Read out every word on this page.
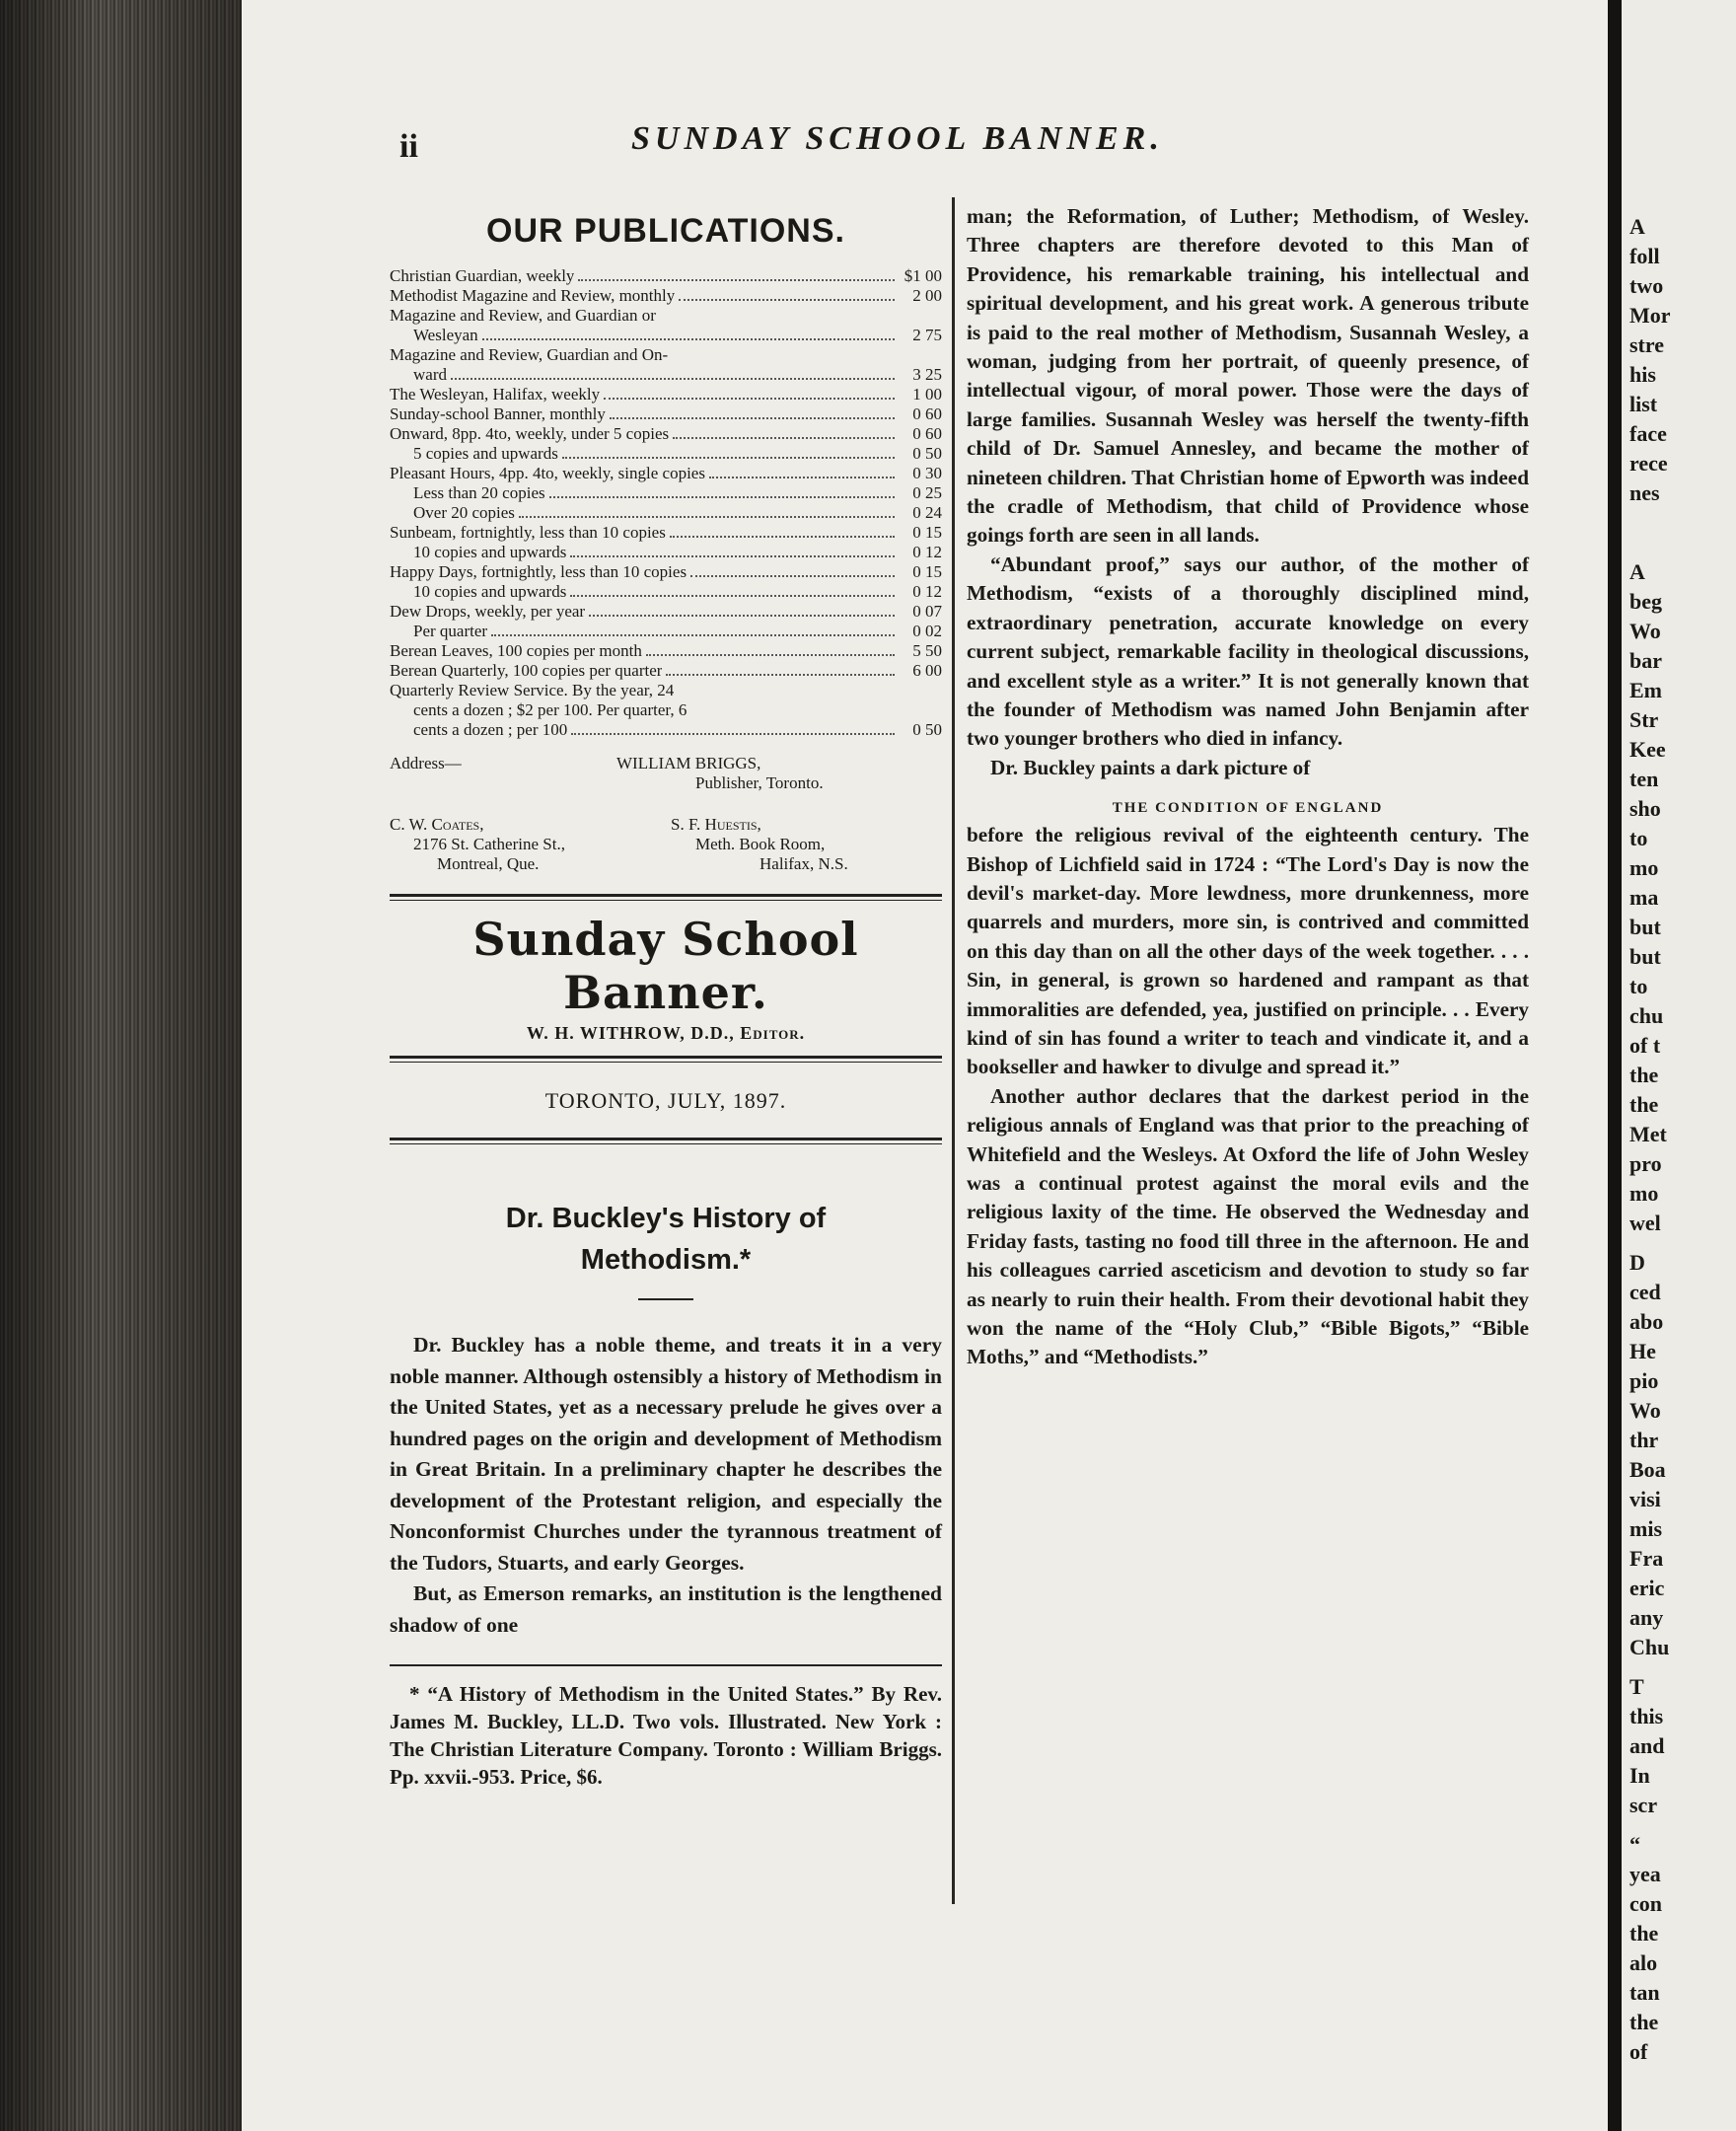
A
foll
two
Mor
stre
his
list
face
rece
nes
A
beg
Wo
bar
Em
Str
Kee
ten
sho
to
mo
ma
but
but
to
chu
of t
the
the
Met
pro
mo
wel
D
ced
abo
He
pio
Wo
thr
Boa
visi
mis
Fra
eric
any
Chu
T
this
and
In
scr
“
yea
con
the
alo
tan
the
of
ii	SUNDAY SCHOOL BANNER.
OUR PUBLICATIONS.
Christian Guardian, weekly	$1 00
Methodist Magazine and Review, monthly	2 00
Magazine and Review, and Guardian or
Wesleyan	2 75
Magazine and Review, Guardian and On-
ward	3 25
The Wesleyan, Halifax, weekly	1 00
Sunday-school Banner, monthly	0 60
Onward, 8pp. 4to, weekly, under 5 copies	0 60
5 copies and upwards	0 50
Pleasant Hours, 4pp. 4to, weekly, single copies	0 30
Less than 20 copies	0 25
Over 20 copies	0 24
Sunbeam, fortnightly, less than 10 copies	0 15
10 copies and upwards	0 12
Happy Days, fortnightly, less than 10 copies	0 15
10 copies and upwards	0 12
Dew Drops, weekly, per year	0 07
Per quarter	0 02
Berean Leaves, 100 copies per month	5 50
Berean Quarterly, 100 copies per quarter	6 00
Quarterly Review Service. By the year, 24
cents a dozen ; $2 per 100. Per quarter, 6
cents a dozen ; per 100	0 50
Address—	WILLIAM BRIGGS,
Publisher, Toronto.
C. W. Coates,
2176 St. Catherine St.,
Montreal, Que.
S. F. Huestis,
Meth. Book Room,
Halifax, N.S.
Sunday School Banner.
W. H. WITHROW, D.D., Editor.
TORONTO, JULY, 1897.
Dr. Buckley's History of
Methodism.*

Dr. Buckley has a noble theme, and treats it in a very noble manner. Although ostensibly a history of Methodism in the United States, yet as a necessary prelude he gives over a hundred pages on the origin and development of Methodism in Great Britain. In a preliminary chapter he describes the development of the Protestant religion, and especially the Nonconformist Churches under the tyrannous treatment of the Tudors, Stuarts, and early Georges.

But, as Emerson remarks, an institution is the lengthened shadow of one

* “A History of Methodism in the United States.” By Rev. James M. Buckley, LL.D. Two vols. Illustrated. New York : The Christian Literature Company. Toronto : William Briggs. Pp. xxvii.-953. Price, $6.

man; the Reformation, of Luther; Methodism, of Wesley. Three chapters are therefore devoted to this Man of Providence, his remarkable training, his intellectual and spiritual development, and his great work. A generous tribute is paid to the real mother of Methodism, Susannah Wesley, a woman, judging from her portrait, of queenly presence, of intellectual vigour, of moral power. Those were the days of large families. Susannah Wesley was herself the twenty-fifth child of Dr. Samuel Annesley, and became the mother of nineteen children. That Christian home of Epworth was indeed the cradle of Methodism, that child of Providence whose goings forth are seen in all lands.

“Abundant proof,” says our author, of the mother of Methodism, “exists of a thoroughly disciplined mind, extraordinary penetration, accurate knowledge on every current subject, remarkable facility in theological discussions, and excellent style as a writer.” It is not generally known that the founder of Methodism was named John Benjamin after two younger brothers who died in infancy.

Dr. Buckley paints a dark picture of

THE CONDITION OF ENGLAND

before the religious revival of the eighteenth century. The Bishop of Lichfield said in 1724 : “The Lord's Day is now the devil's market-day. More lewdness, more drunkenness, more quarrels and murders, more sin, is contrived and committed on this day than on all the other days of the week together. . . . Sin, in general, is grown so hardened and rampant as that immoralities are defended, yea, justified on principle. . . Every kind of sin has found a writer to teach and vindicate it, and a bookseller and hawker to divulge and spread it.”

Another author declares that the darkest period in the religious annals of England was that prior to the preaching of Whitefield and the Wesleys. At Oxford the life of John Wesley was a continual protest against the moral evils and the religious laxity of the time. He observed the Wednesday and Friday fasts, tasting no food till three in the afternoon. He and his colleagues carried asceticism and devotion to study so far as nearly to ruin their health. From their devotional habit they won the name of the “Holy Club,” “Bible Bigots,” “Bible Moths,” and “Methodists.”
